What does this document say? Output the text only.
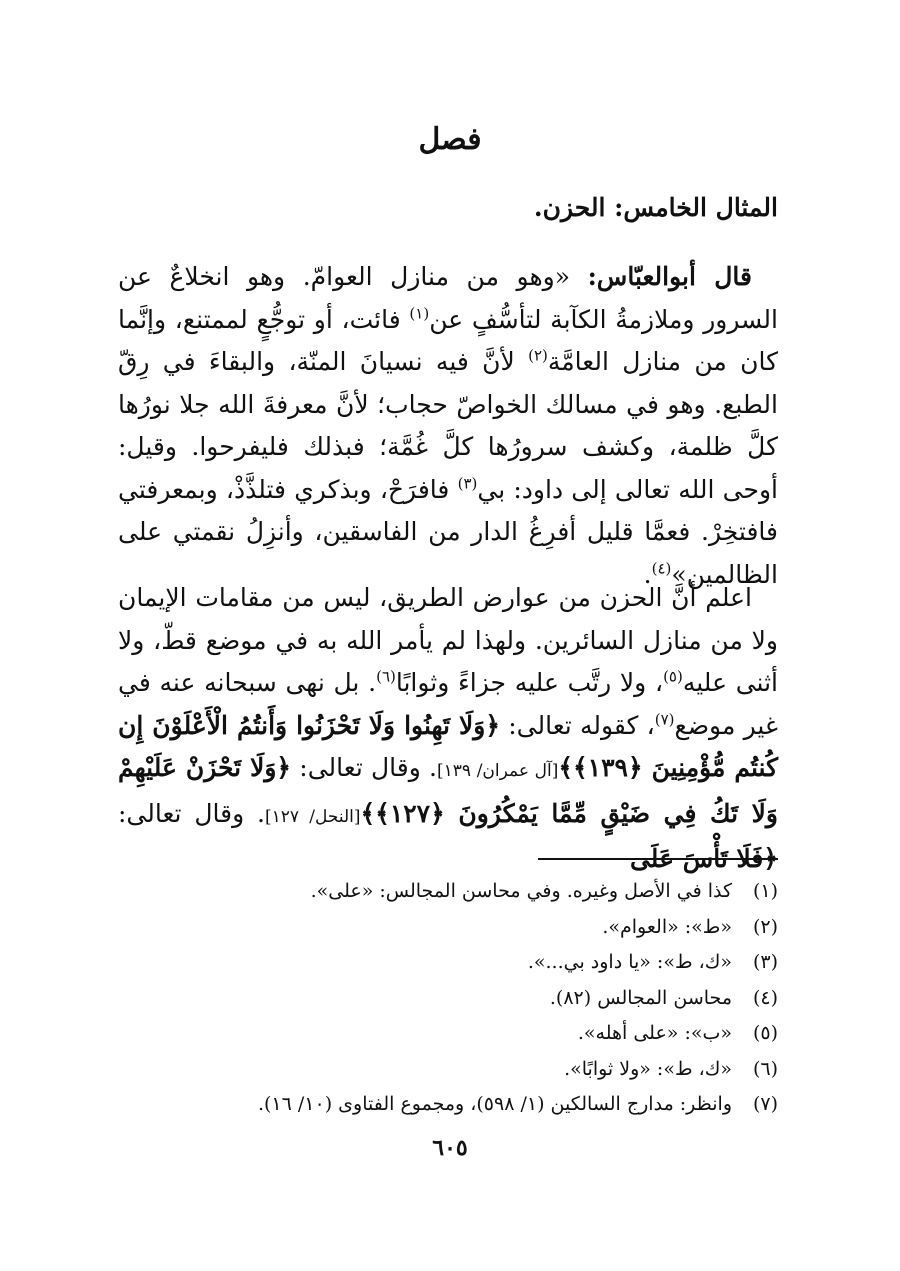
فصل
المثال الخامس: الحزن.

قال أبوالعبّاس: «وهو من منازل العوامّ. وهو انخلاعٌ عن السرور وملازمةُ الكآبة لتأسُّفٍ عن$^{(١)}$ فائت، أو توجُّعٍ لممتنع، وإنَّما كان من منازل العامَّة$^{(٢)}$ لأنَّ فيه نسيانَ المنّة، والبقاءَ في رِقّ الطبع. وهو في مسالك الخواصّ حجاب؛ لأنَّ معرفةَ الله جلا نورُها كلَّ ظلمة، وكشف سرورُها كلَّ غُمَّة؛ فبذلك فليفرحوا. وقيل: أوحى الله تعالى إلى داود: بي$^{(٣)}$ فافرَحْ، وبذكري فتلذَّذْ، وبمعرفتي فافتخِرْ. فعمَّا قليل أفرِغُ الدار من الفاسقين، وأنزِلُ نقمتي على الظالمين»$^{(٤)}$.

اعلم أنَّ الحزن من عوارض الطريق، ليس من مقامات الإيمان ولا من منازل السائرين. ولهذا لم يأمر الله به في موضع قطّ، ولا أثنى عليه$^{(٥)}$، ولا رتَّب عليه جزاءً وثوابًا$^{(٦)}$. بل نهى سبحانه عنه في غير موضع$^{(٧)}$، كقوله تعالى: ﴿وَلَا تَهِنُوا وَلَا تَحْزَنُوا وَأَنتُمُ الْأَعْلَوْنَ إِن كُنتُم مُّؤْمِنِينَ ﴿١٣٩﴾﴾[آل عمران/ ١٣٩]. وقال تعالى: ﴿وَلَا تَحْزَنْ عَلَيْهِمْ وَلَا تَكُ فِي ضَيْقٍ مِّمَّا يَمْكُرُونَ ﴿١٢٧﴾﴾[النحل/ ١٢٧]. وقال تعالى: ﴿فَلَا تَأْسَ عَلَى

(١)
كذا في الأصل وغيره. وفي محاسن المجالس: «على».
(٢)
«ط»: «العوام».
(٣)
«ك، ط»: «يا داود بي...».
(٤)
محاسن المجالس (٨٢).
(٥)
«ب»: «على أهله».
(٦)
«ك، ط»: «ولا ثوابًا».
(٧)
وانظر: مدارج السالكين (١/ ٥٩٨)، ومجموع الفتاوى (١٠/ ١٦).
٦٠٥
